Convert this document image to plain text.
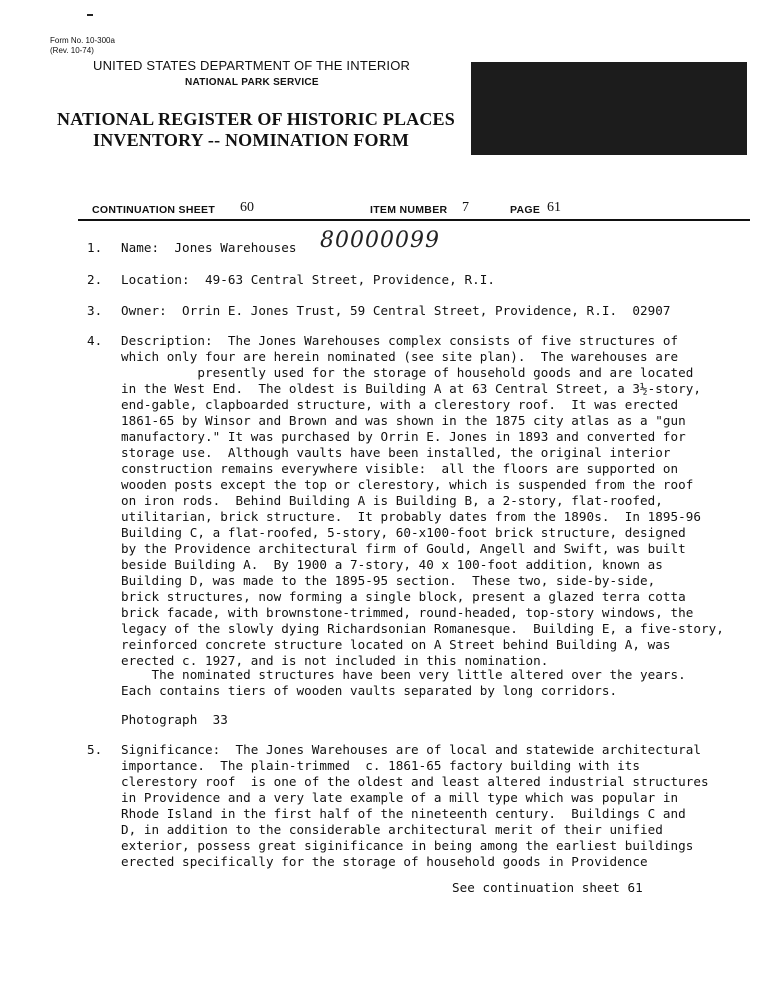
Form No. 10-300a
(Rev. 10-74)
UNITED STATES DEPARTMENT OF THE INTERIOR
NATIONAL PARK SERVICE
NATIONAL REGISTER OF HISTORIC PLACES
INVENTORY -- NOMINATION FORM
CONTINUATION SHEET 60	ITEM NUMBER 7	PAGE 61
80000099
1. Name:  Jones Warehouses
2. Location:  49-63 Central Street, Providence, R.I.
3. Owner:  Orrin E. Jones Trust, 59 Central Street, Providence, R.I.  02907
4. Description:  The Jones Warehouses complex consists of five structures of
which only four are herein nominated (see site plan).  The warehouses are
presently used for the storage of household goods and are located
in the West End.  The oldest is Building A at 63 Central Street, a 3½-story,
end-gable, clapboarded structure, with a clerestory roof.  It was erected
1861-65 by Winsor and Brown and was shown in the 1875 city atlas as a "gun
manufactory." It was purchased by Orrin E. Jones in 1893 and converted for
storage use.  Although vaults have been installed, the original interior
construction remains everywhere visible:  all the floors are supported on
wooden posts except the top or clerestory, which is suspended from the roof
on iron rods.  Behind Building A is Building B, a 2-story, flat-roofed,
utilitarian, brick structure.  It probably dates from the 1890s.  In 1895-96
Building C, a flat-roofed, 5-story, 60-x100-foot brick structure, designed
by the Providence architectural firm of Gould, Angell and Swift, was built
beside Building A.  By 1900 a 7-story, 40 x 100-foot addition, known as
Building D, was made to the 1895-95 section.  These two, side-by-side,
brick structures, now forming a single block, present a glazed terra cotta
brick facade, with brownstone-trimmed, round-headed, top-story windows, the
legacy of the slowly dying Richardsonian Romanesque.  Building E, a five-story,
reinforced concrete structure located on A Street behind Building A, was
erected c. 1927, and is not included in this nomination.
The nominated structures have been very little altered over the years.
Each contains tiers of wooden vaults separated by long corridors.
Photograph  33
5. Significance:  The Jones Warehouses are of local and statewide architectural
importance.  The plain-trimmed  c. 1861-65 factory building with its
clerestory roof  is one of the oldest and least altered industrial structures
in Providence and a very late example of a mill type which was popular in
Rhode Island in the first half of the nineteenth century.  Buildings C and
D, in addition to the considerable architectural merit of their unified
exterior, possess great siginificance in being among the earliest buildings
erected specifically for the storage of household goods in Providence
See continuation sheet 61
